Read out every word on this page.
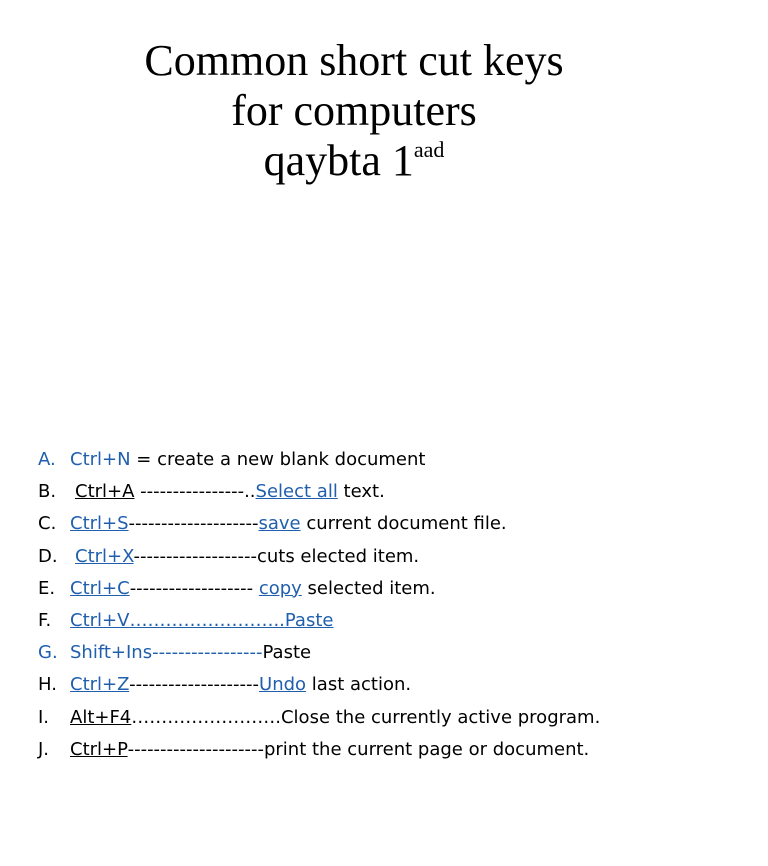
Common short cut keys
for computers
qaybta $1^{aad}$
A. Ctrl+N = create a new blank document
B. Ctrl+A ----------------..Select all text.
C. Ctrl+S--------------------save current document file.
D. Ctrl+X-------------------cuts elected item.
E. Ctrl+C------------------- copy selected item.
F. Ctrl+V……………………..Paste
G. Shift+Ins-----------------Paste
H. Ctrl+Z--------------------Undo last action.
I. Alt+F4…………………….Close the currently active program.
J. Ctrl+P---------------------print the current page or document.
